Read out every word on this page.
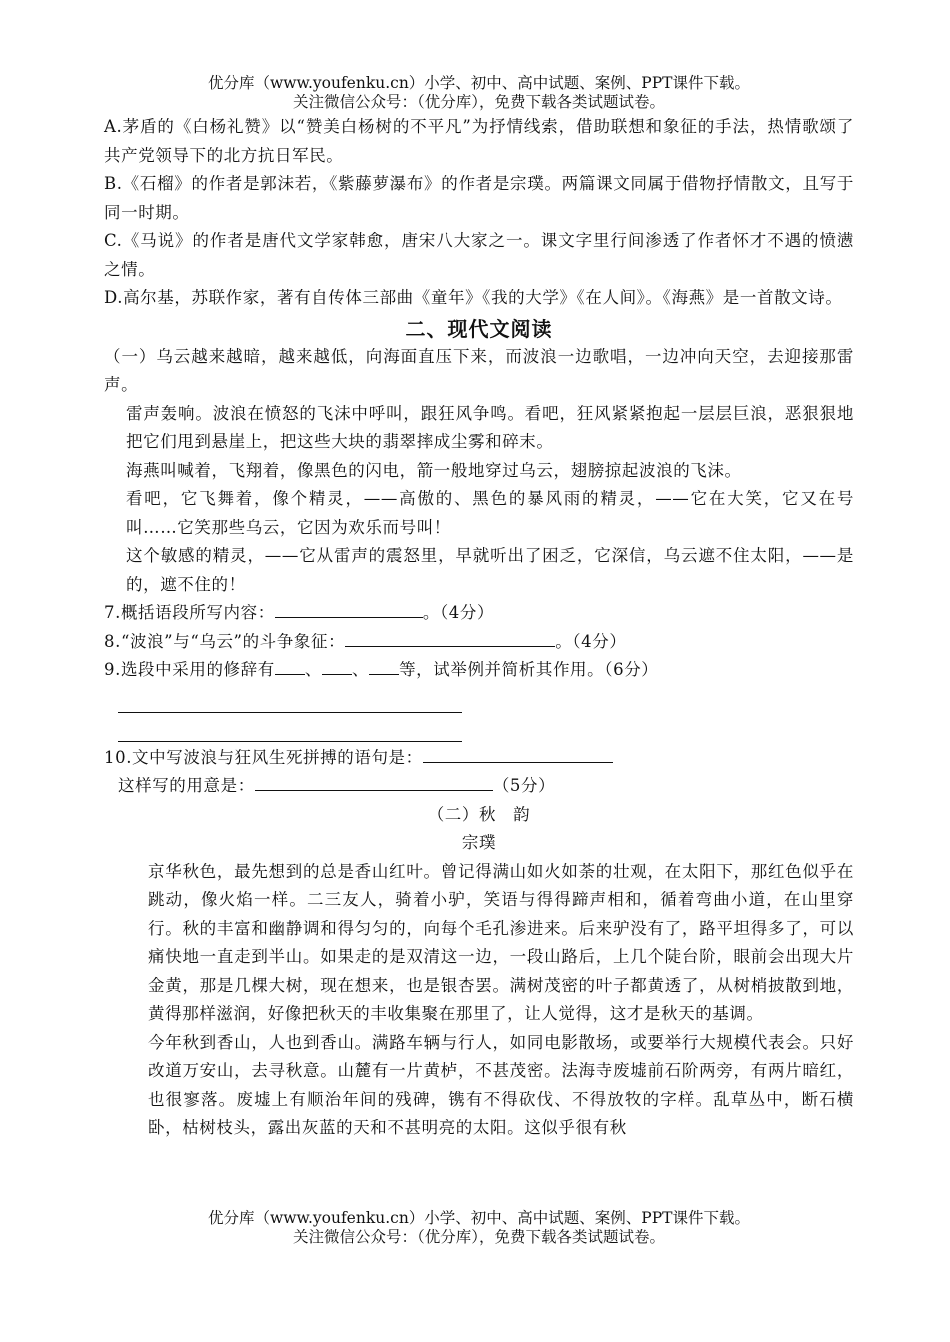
优分库（www.youfenku.cn）小学、初中、高中试题、案例、PPT课件下载。
关注微信公众号：（优分库），免费下载各类试题试卷。

A.茅盾的《白杨礼赞》以“赞美白杨树的不平凡”为抒情线索，借助联想和象征的手法，热情歌颂了共产党领导下的北方抗日军民。

B.《石榴》的作者是郭沫若，《紫藤萝瀑布》的作者是宗璞。两篇课文同属于借物抒情散文，且写于同一时期。

C.《马说》的作者是唐代文学家韩愈，唐宋八大家之一。课文字里行间渗透了作者怀才不遇的愤懑之情。

D.高尔基，苏联作家，著有自传体三部曲《童年》《我的大学》《在人间》。《海燕》是一首散文诗。

二、现代文阅读

（一）乌云越来越暗，越来越低，向海面直压下来，而波浪一边歌唱，一边冲向天空，去迎接那雷声。

雷声轰响。波浪在愤怒的飞沫中呼叫，跟狂风争鸣。看吧，狂风紧紧抱起一层层巨浪，恶狠狠地把它们甩到悬崖上，把这些大块的翡翠摔成尘雾和碎末。

海燕叫喊着，飞翔着，像黑色的闪电，箭一般地穿过乌云，翅膀掠起波浪的飞沫。

看吧，它飞舞着，像个精灵，——高傲的、黑色的暴风雨的精灵，——它在大笑，它又在号叫……它笑那些乌云，它因为欢乐而号叫！

这个敏感的精灵，——它从雷声的震怒里，早就听出了困乏，它深信，乌云遮不住太阳，——是的，遮不住的！

7.概括语段所写内容：	。（4分）

8.“波浪”与“乌云”的斗争象征：	。（4分）

9.选段中采用的修辞有 、 、 等，试举例并简析其作用。（6分）

10.文中写波浪与狂风生死拼搏的语句是：

这样写的用意是：	（5分）

（二）秋　韵

宗璞

京华秋色，最先想到的总是香山红叶。曾记得满山如火如荼的壮观，在太阳下，那红色似乎在跳动，像火焰一样。二三友人，骑着小驴，笑语与得得蹄声相和，循着弯曲小道，在山里穿行。秋的丰富和幽静调和得匀匀的，向每个毛孔渗进来。后来驴没有了，路平坦得多了，可以痛快地一直走到半山。如果走的是双清这一边，一段山路后，上几个陡台阶，眼前会出现大片金黄，那是几棵大树，现在想来，也是银杏罢。满树茂密的叶子都黄透了，从树梢披散到地，黄得那样滋润，好像把秋天的丰收集聚在那里了，让人觉得，这才是秋天的基调。

今年秋到香山，人也到香山。满路车辆与行人，如同电影散场，或要举行大规模代表会。只好改道万安山，去寻秋意。山麓有一片黄栌，不甚茂密。法海寺废墟前石阶两旁，有两片暗红，也很寥落。废墟上有顺治年间的残碑，镌有不得砍伐、不得放牧的字样。乱草丛中，断石横卧，枯树枝头，露出灰蓝的天和不甚明亮的太阳。这似乎很有秋

优分库（www.youfenku.cn）小学、初中、高中试题、案例、PPT课件下载。
关注微信公众号：（优分库），免费下载各类试题试卷。
